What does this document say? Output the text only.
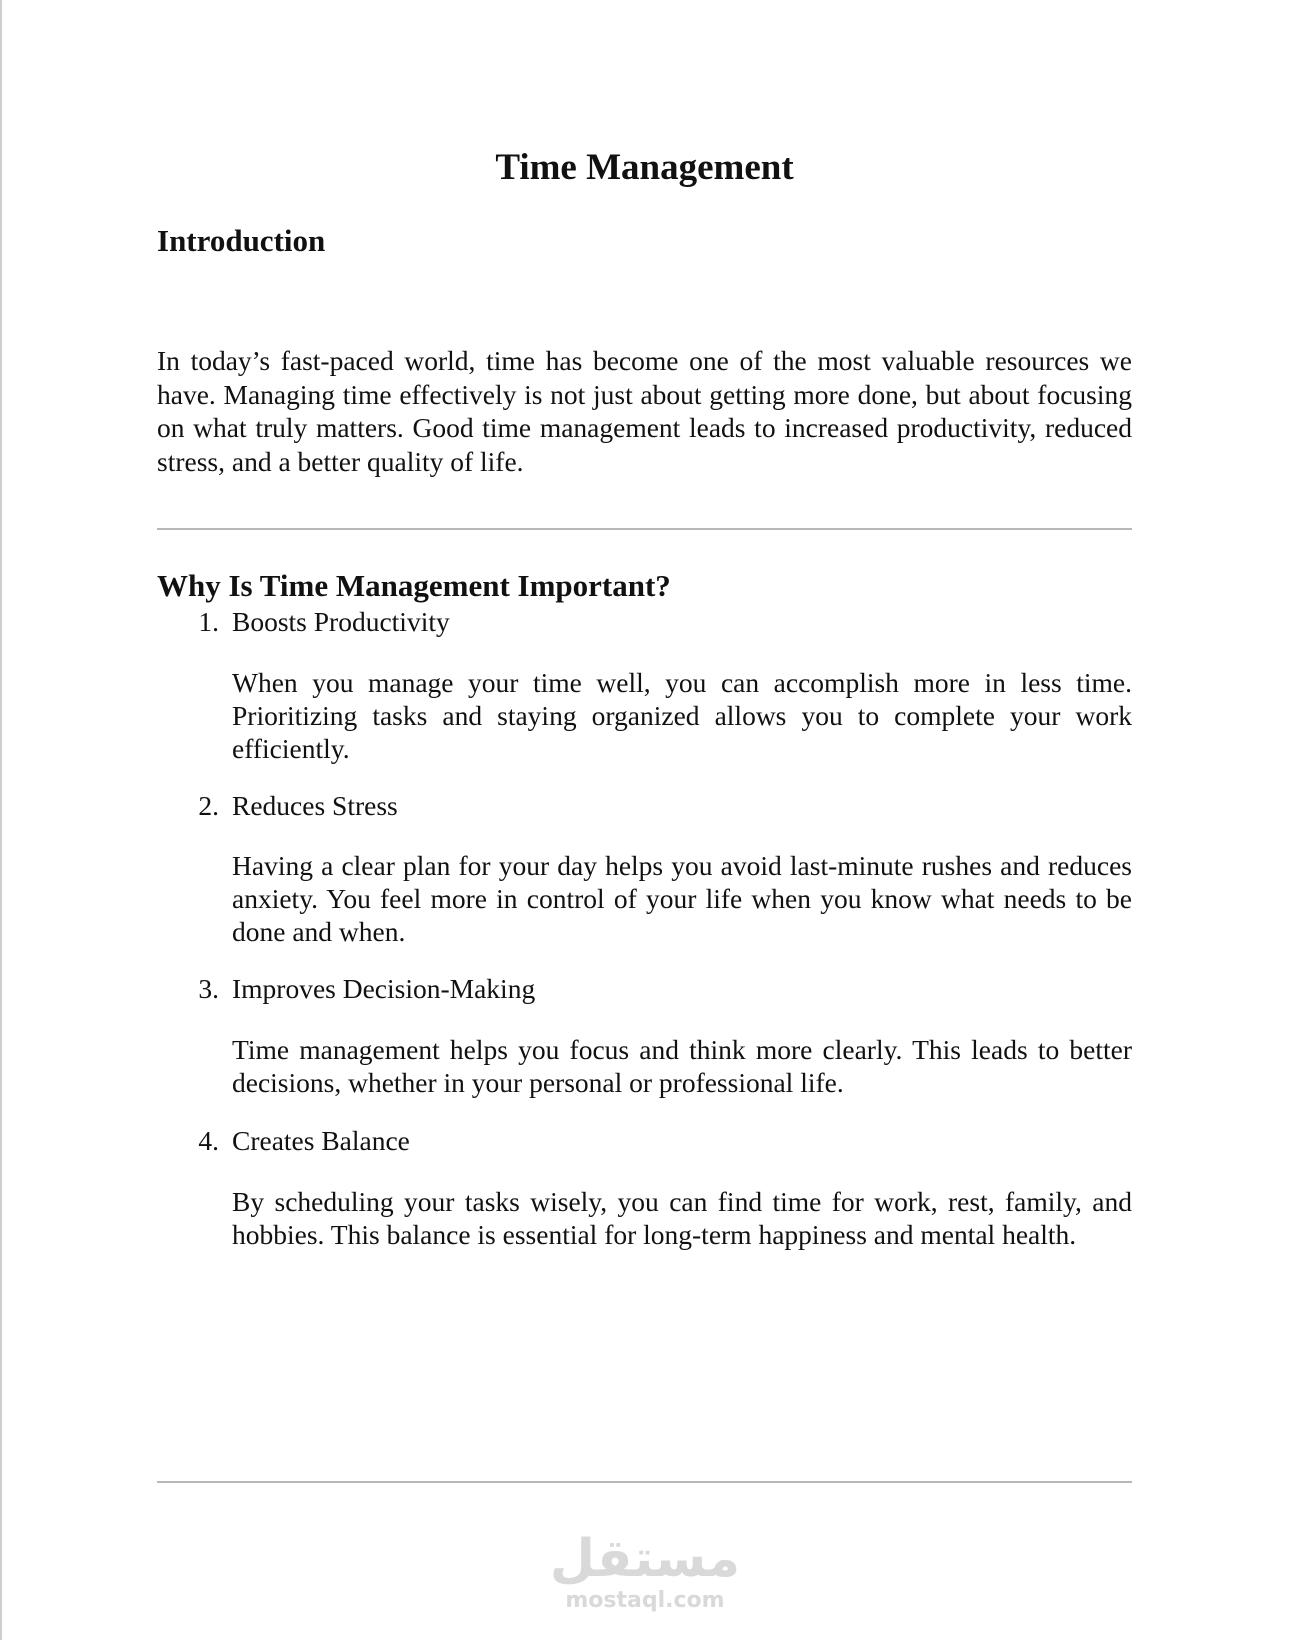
Time Management
Introduction

In today’s fast-paced world, time has become one of the most valuable resources we have. Managing time effectively is not just about getting more done, but about focusing on what truly matters. Good time management leads to increased productivity, reduced stress, and a better quality of life.

Why Is Time Management Important?

1. Boosts Productivity

When you manage your time well, you can accomplish more in less time. Prioritizing tasks and staying organized allows you to complete your work efficiently.

2. Reduces Stress

Having a clear plan for your day helps you avoid last-minute rushes and reduces anxiety. You feel more in control of your life when you know what needs to be done and when.

3. Improves Decision-Making

Time management helps you focus and think more clearly. This leads to better decisions, whether in your personal or professional life.

4. Creates Balance

By scheduling your tasks wisely, you can find time for work, rest, family, and hobbies. This balance is essential for long-term happiness and mental health.

مستقل
mostaql.com
